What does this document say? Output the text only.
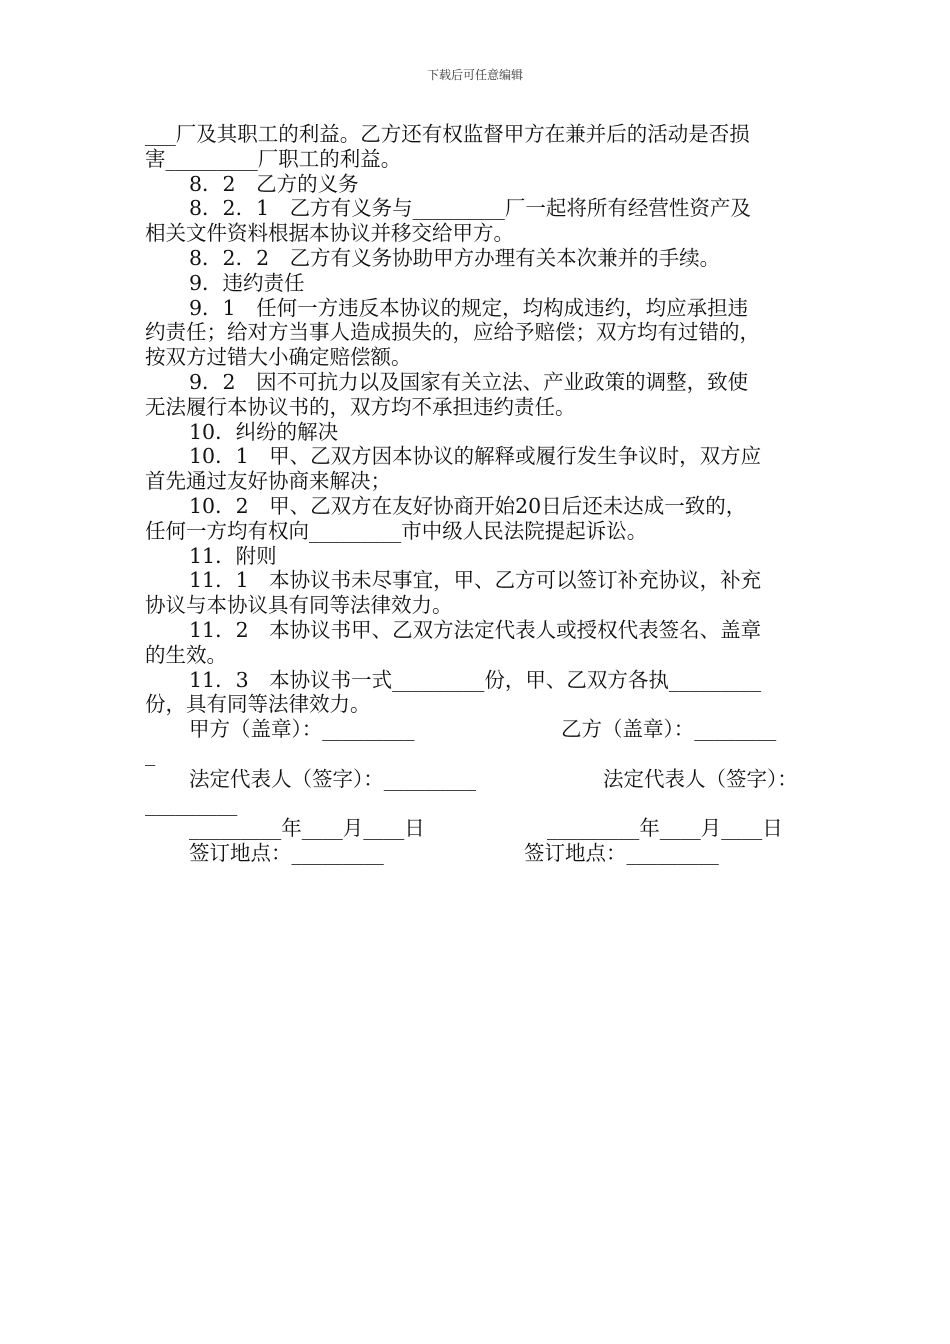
下载后可任意编辑

___厂及其职工的利益。乙方还有权监督甲方在兼并后的活动是否损

害_________厂职工的利益。

8．2　乙方的义务

8．2．1　乙方有义务与_________厂一起将所有经营性资产及

相关文件资料根据本协议并移交给甲方。

8．2．2　乙方有义务协助甲方办理有关本次兼并的手续。

9．违约责任

9．1　任何一方违反本协议的规定，均构成违约，均应承担违

约责任；给对方当事人造成损失的，应给予赔偿；双方均有过错的，

按双方过错大小确定赔偿额。

9．2　因不可抗力以及国家有关立法、产业政策的调整，致使

无法履行本协议书的，双方均不承担违约责任。

10．纠纷的解决

10．1　甲、乙双方因本协议的解释或履行发生争议时，双方应

首先通过友好协商来解决；

10．2　甲、乙双方在友好协商开始20日后还未达成一致的，

任何一方均有权向_________市中级人民法院提起诉讼。

11．附则

11．1　本协议书未尽事宜，甲、乙方可以签订补充协议，补充

协议与本协议具有同等法律效力。

11．2　本协议书甲、乙双方法定代表人或授权代表签名、盖章

的生效。

11．3　本协议书一式_________份，甲、乙双方各执_________

份，具有同等法律效力。

甲方（盖章）：_________	乙方（盖章）：________
_
法定代表人（签字）：_________	法定代表人（签字）：
_________
_________年____月____日	_________年____月____日
签订地点：_________	签订地点：_________
